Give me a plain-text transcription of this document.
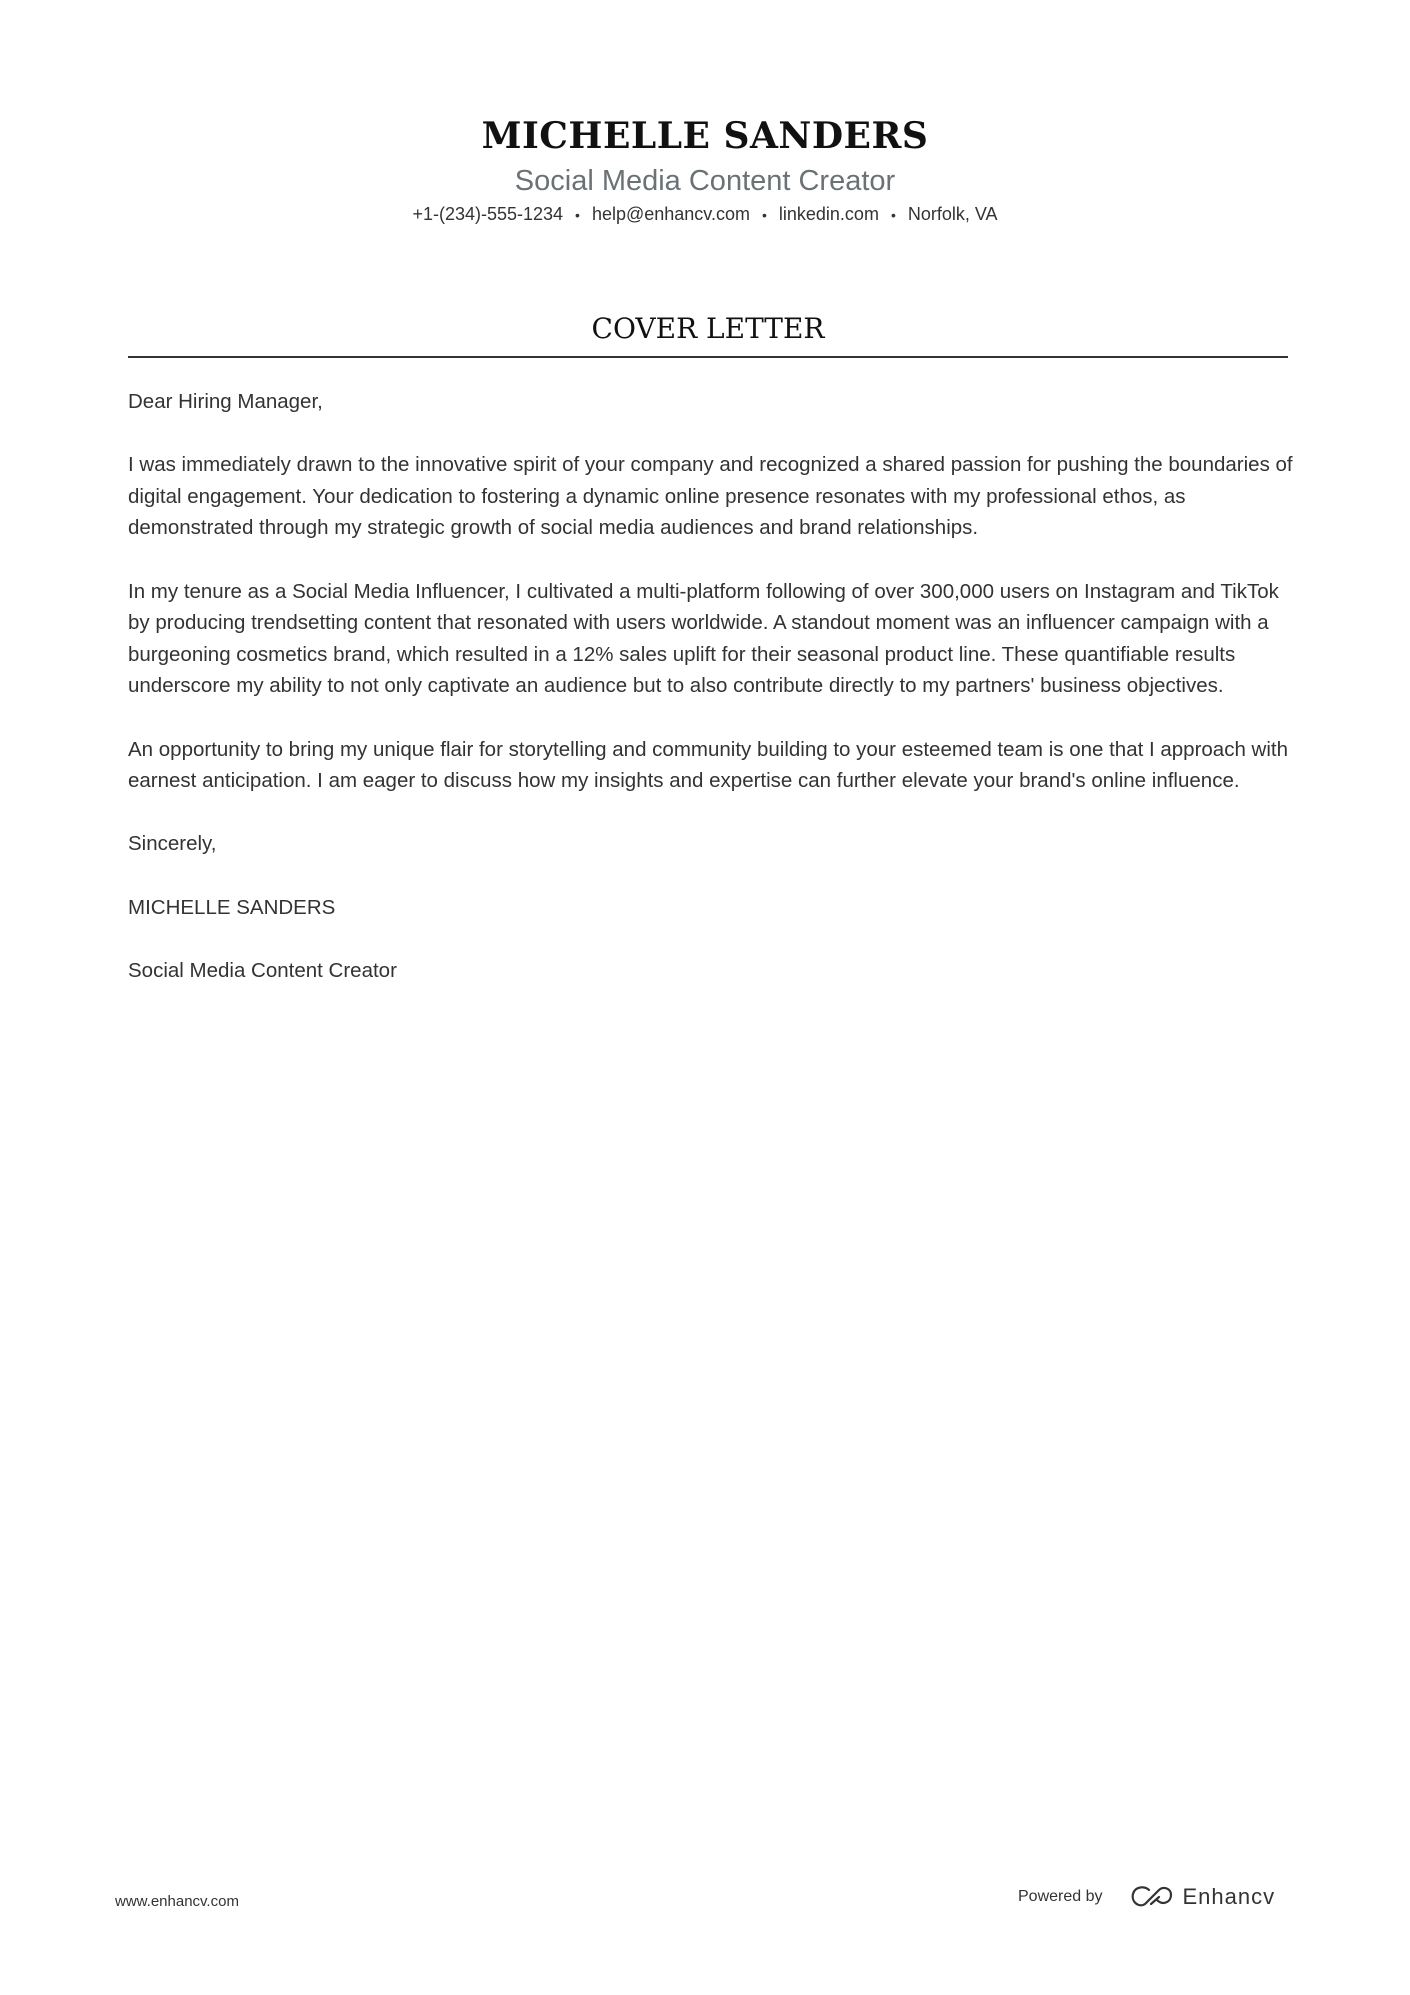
MICHELLE SANDERS
Social Media Content Creator
+1-(234)-555-1234 • help@enhancv.com • linkedin.com • Norfolk, VA
COVER LETTER

Dear Hiring Manager,

I was immediately drawn to the innovative spirit of your company and recognized a shared passion for pushing the boundaries of digital engagement. Your dedication to fostering a dynamic online presence resonates with my professional ethos, as demonstrated through my strategic growth of social media audiences and brand relationships.

In my tenure as a Social Media Influencer, I cultivated a multi-platform following of over 300,000 users on Instagram and TikTok by producing trendsetting content that resonated with users worldwide. A standout moment was an influencer campaign with a burgeoning cosmetics brand, which resulted in a 12% sales uplift for their seasonal product line. These quantifiable results underscore my ability to not only captivate an audience but to also contribute directly to my partners' business objectives.

An opportunity to bring my unique flair for storytelling and community building to your esteemed team is one that I approach with earnest anticipation. I am eager to discuss how my insights and expertise can further elevate your brand's online influence.

Sincerely,

MICHELLE SANDERS

Social Media Content Creator

www.enhancv.com	Powered by	Enhancv
